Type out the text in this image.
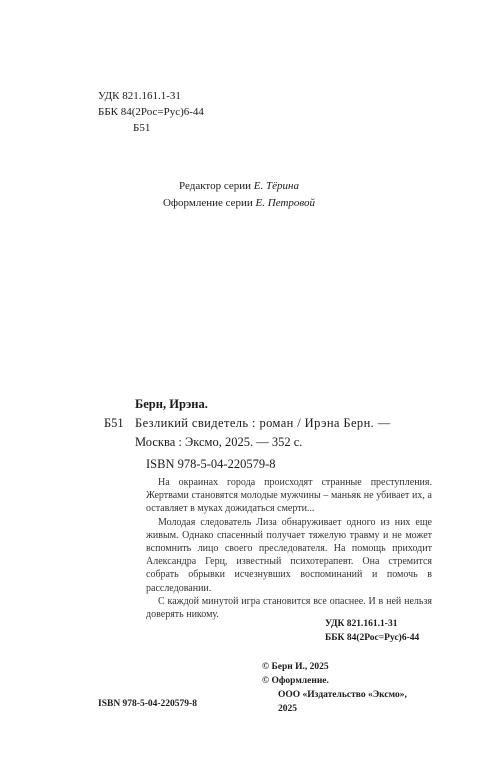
УДК 821.161.1-31
ББК 84(2Рос=Рус)6-44
Б51
Редактор серии Е. Тёрина
Оформление серии Е. Петровой
Берн, Ирэна.
Б51 Безликий свидетель : роман / Ирэна Берн. —
Москва : Эксмо, 2025. — 352 с.
ISBN 978-5-04-220579-8

На окраинах города происходят странные преступления. Жертвами становятся молодые мужчины – маньяк не убивает их, а оставляет в муках дожидаться смерти...

Молодая следователь Лиза обнаруживает одного из них еще живым. Однако спасенный получает тяжелую травму и не может вспомнить лицо своего преследователя. На помощь приходит Александра Герц, известный психотерапевт. Она стремится собрать обрывки исчезнувших воспоминаний и помочь в расследовании.

С каждой минутой игра становится все опаснее. И в ней нельзя доверять никому.

УДК 821.161.1-31
ББК 84(2Рос=Рус)6-44
ISBN 978-5-04-220579-8
© Берн И., 2025
© Оформление.
ООО «Издательство «Эксмо»,
2025
